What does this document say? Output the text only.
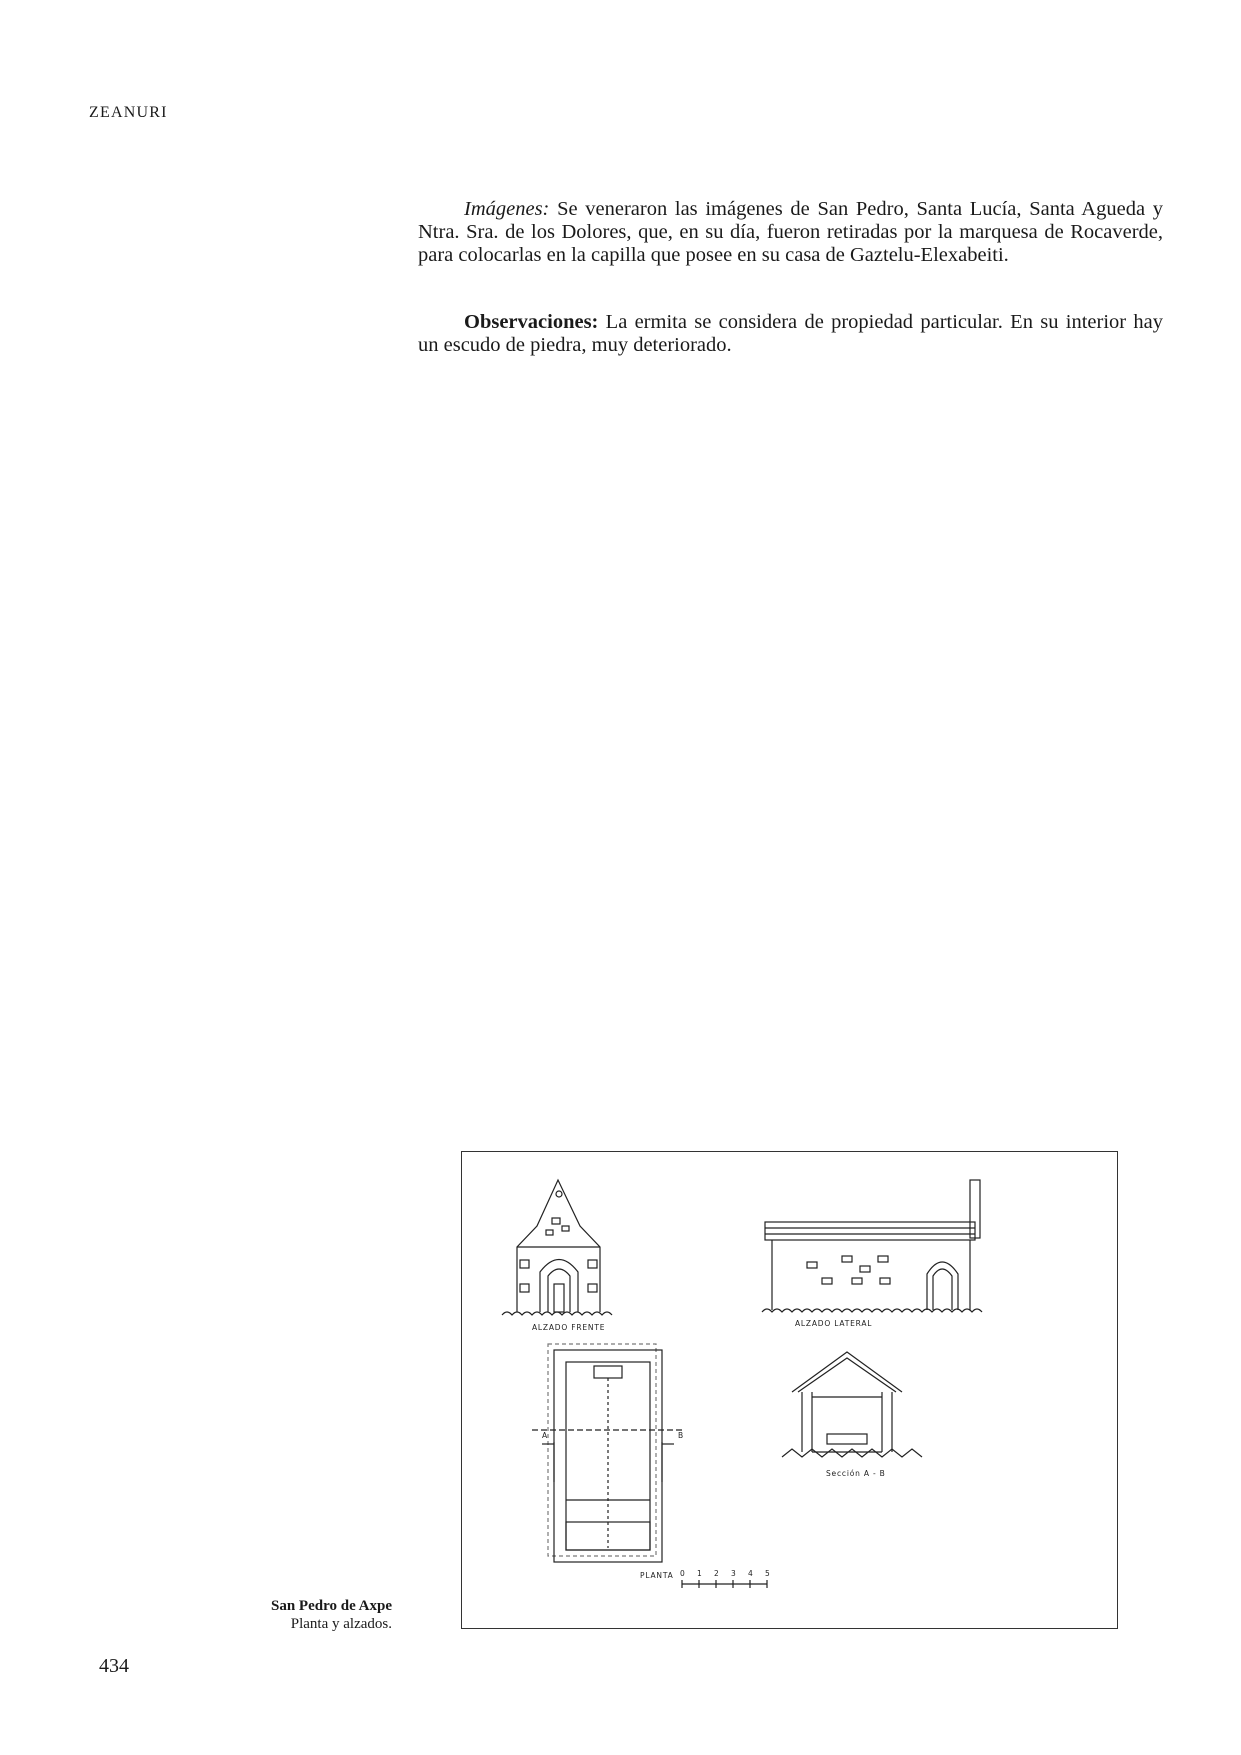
ZEANURI

Imágenes: Se veneraron las imágenes de San Pedro, Santa Lucía, Santa Agueda y Ntra. Sra. de los Dolores, que, en su día, fueron retiradas por la marquesa de Rocaverde, para colocarlas en la capilla que posee en su casa de Gaztelu-Elexabeiti.

Observaciones: La ermita se considera de propiedad particular. En su interior hay un escudo de piedra, muy deteriorado.

ALZADO FRENTE	ALZADO LATERAL
PLANTA
Sección A - B
A	B
0 1 2 3 4 5
San Pedro de Axpe
Planta y alzados.
434
